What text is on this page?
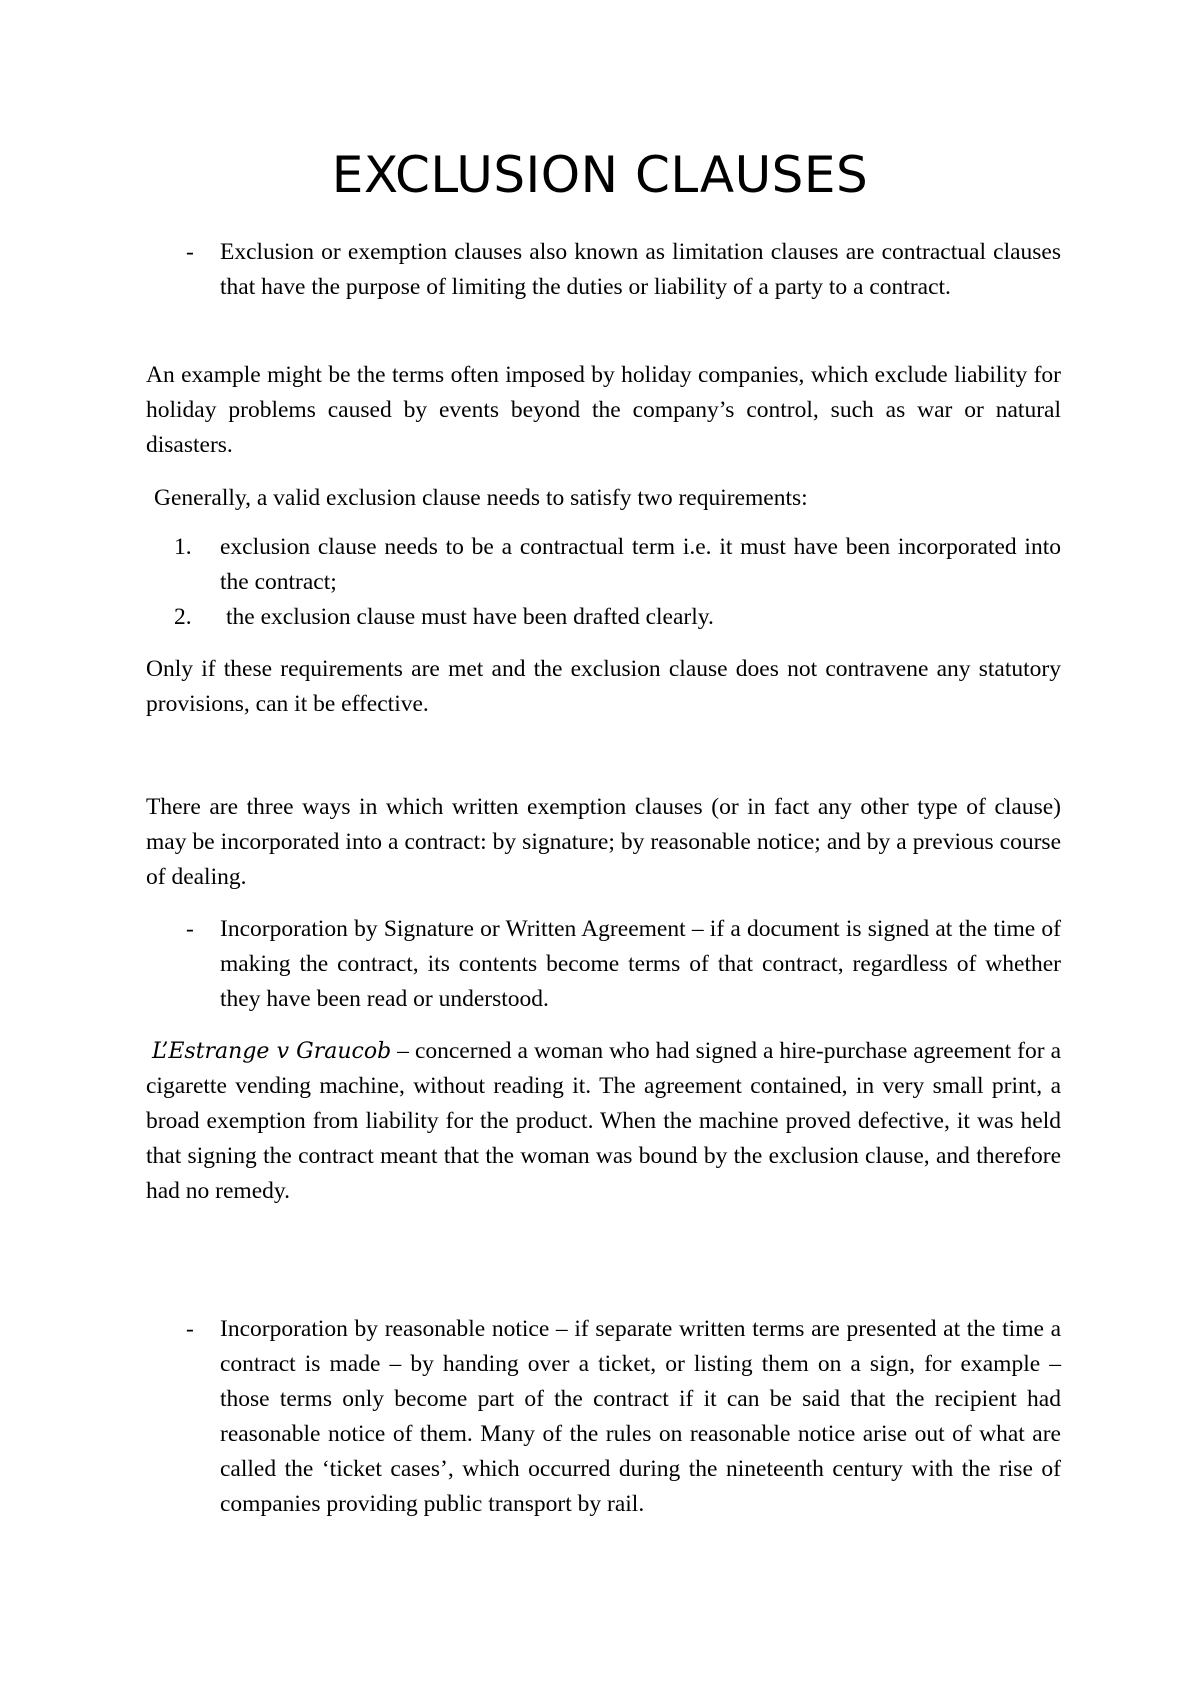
EXCLUSION CLAUSES
-	Exclusion or exemption clauses also known as limitation clauses are contractual clauses that have the purpose of limiting the duties or liability of a party to a contract.

An example might be the terms often imposed by holiday companies, which exclude liability for holiday problems caused by events beyond the company’s control, such as war or natural disasters.

Generally, a valid exclusion clause needs to satisfy two requirements:

1.	exclusion clause needs to be a contractual term i.e. it must have been incorporated into the contract;
2.	the exclusion clause must have been drafted clearly.

Only if these requirements are met and the exclusion clause does not contravene any statutory provisions, can it be effective.

There are three ways in which written exemption clauses (or in fact any other type of clause) may be incorporated into a contract: by signature; by reasonable notice; and by a previous course of dealing.

-	Incorporation by Signature or Written Agreement – if a document is signed at the time of making the contract, its contents become terms of that contract, regardless of whether they have been read or understood.

L’Estrange v Graucob – concerned a woman who had signed a hire-purchase agreement for a cigarette vending machine, without reading it. The agreement contained, in very small print, a broad exemption from liability for the product. When the machine proved defective, it was held that signing the contract meant that the woman was bound by the exclusion clause, and therefore had no remedy.

-	Incorporation by reasonable notice – if separate written terms are presented at the time a contract is made – by handing over a ticket, or listing them on a sign, for example – those terms only become part of the contract if it can be said that the recipient had reasonable notice of them. Many of the rules on reasonable notice arise out of what are called the ‘ticket cases’, which occurred during the nineteenth century with the rise of companies providing public transport by rail.
